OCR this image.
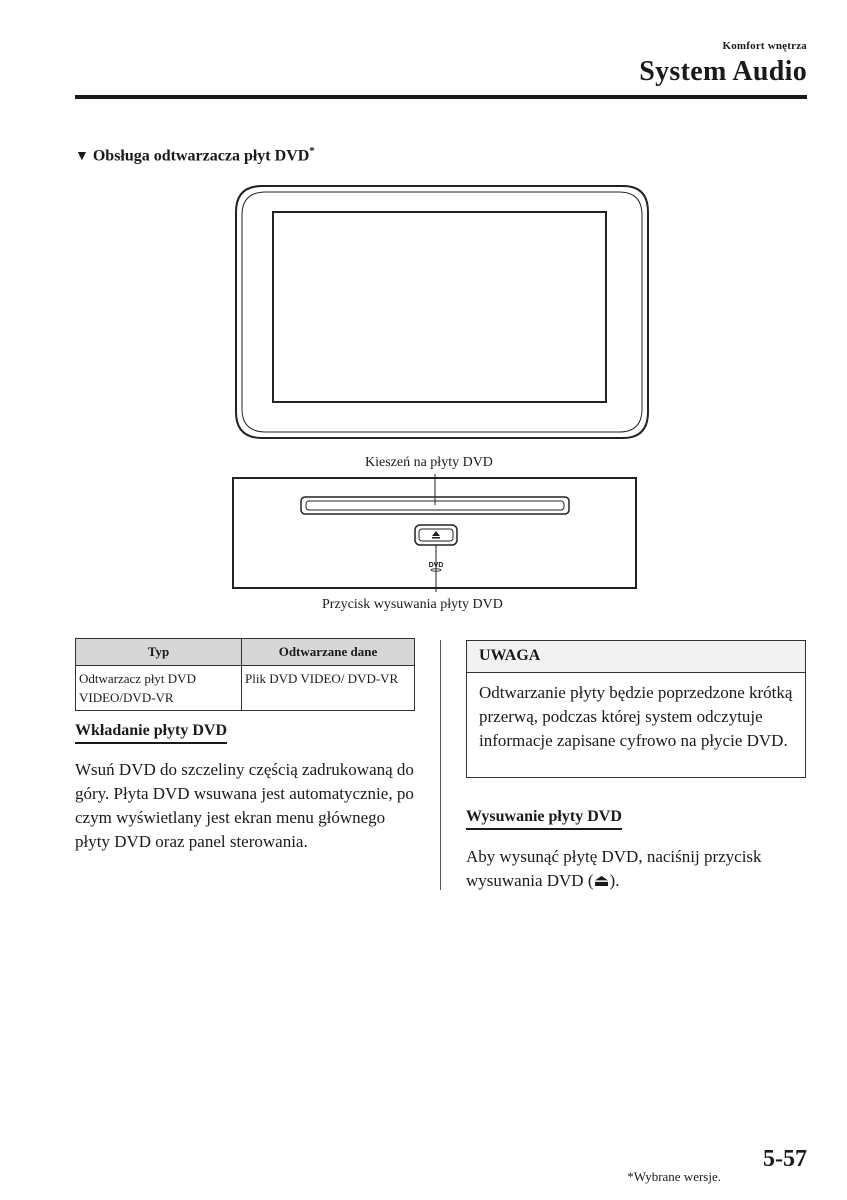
Komfort wnętrza
System Audio
▼ Obsługa odtwarzacza płyt DVD*
DVD
Kieszeń na płyty DVD
Przycisk wysuwania płyty DVD
Typ	Odtwarzane dane
Odtwarzacz płyt DVD VIDEO/DVD-VR	Plik DVD VIDEO/ DVD-VR
Wkładanie płyty DVD
Wsuń DVD do szczeliny częścią zadrukowaną do góry. Płyta DVD wsuwana jest automatycznie, po czym wyświetlany jest ekran menu głównego płyty DVD oraz panel sterowania.
UWAGA
Odtwarzanie płyty będzie poprzedzone krótką przerwą, podczas której system odczytuje informacje zapisane cyfrowo na płycie DVD.
Wysuwanie płyty DVD
Aby wysunąć płytę DVD, naciśnij przycisk wysuwania DVD (⏏).
*Wybrane wersje.
5-57
